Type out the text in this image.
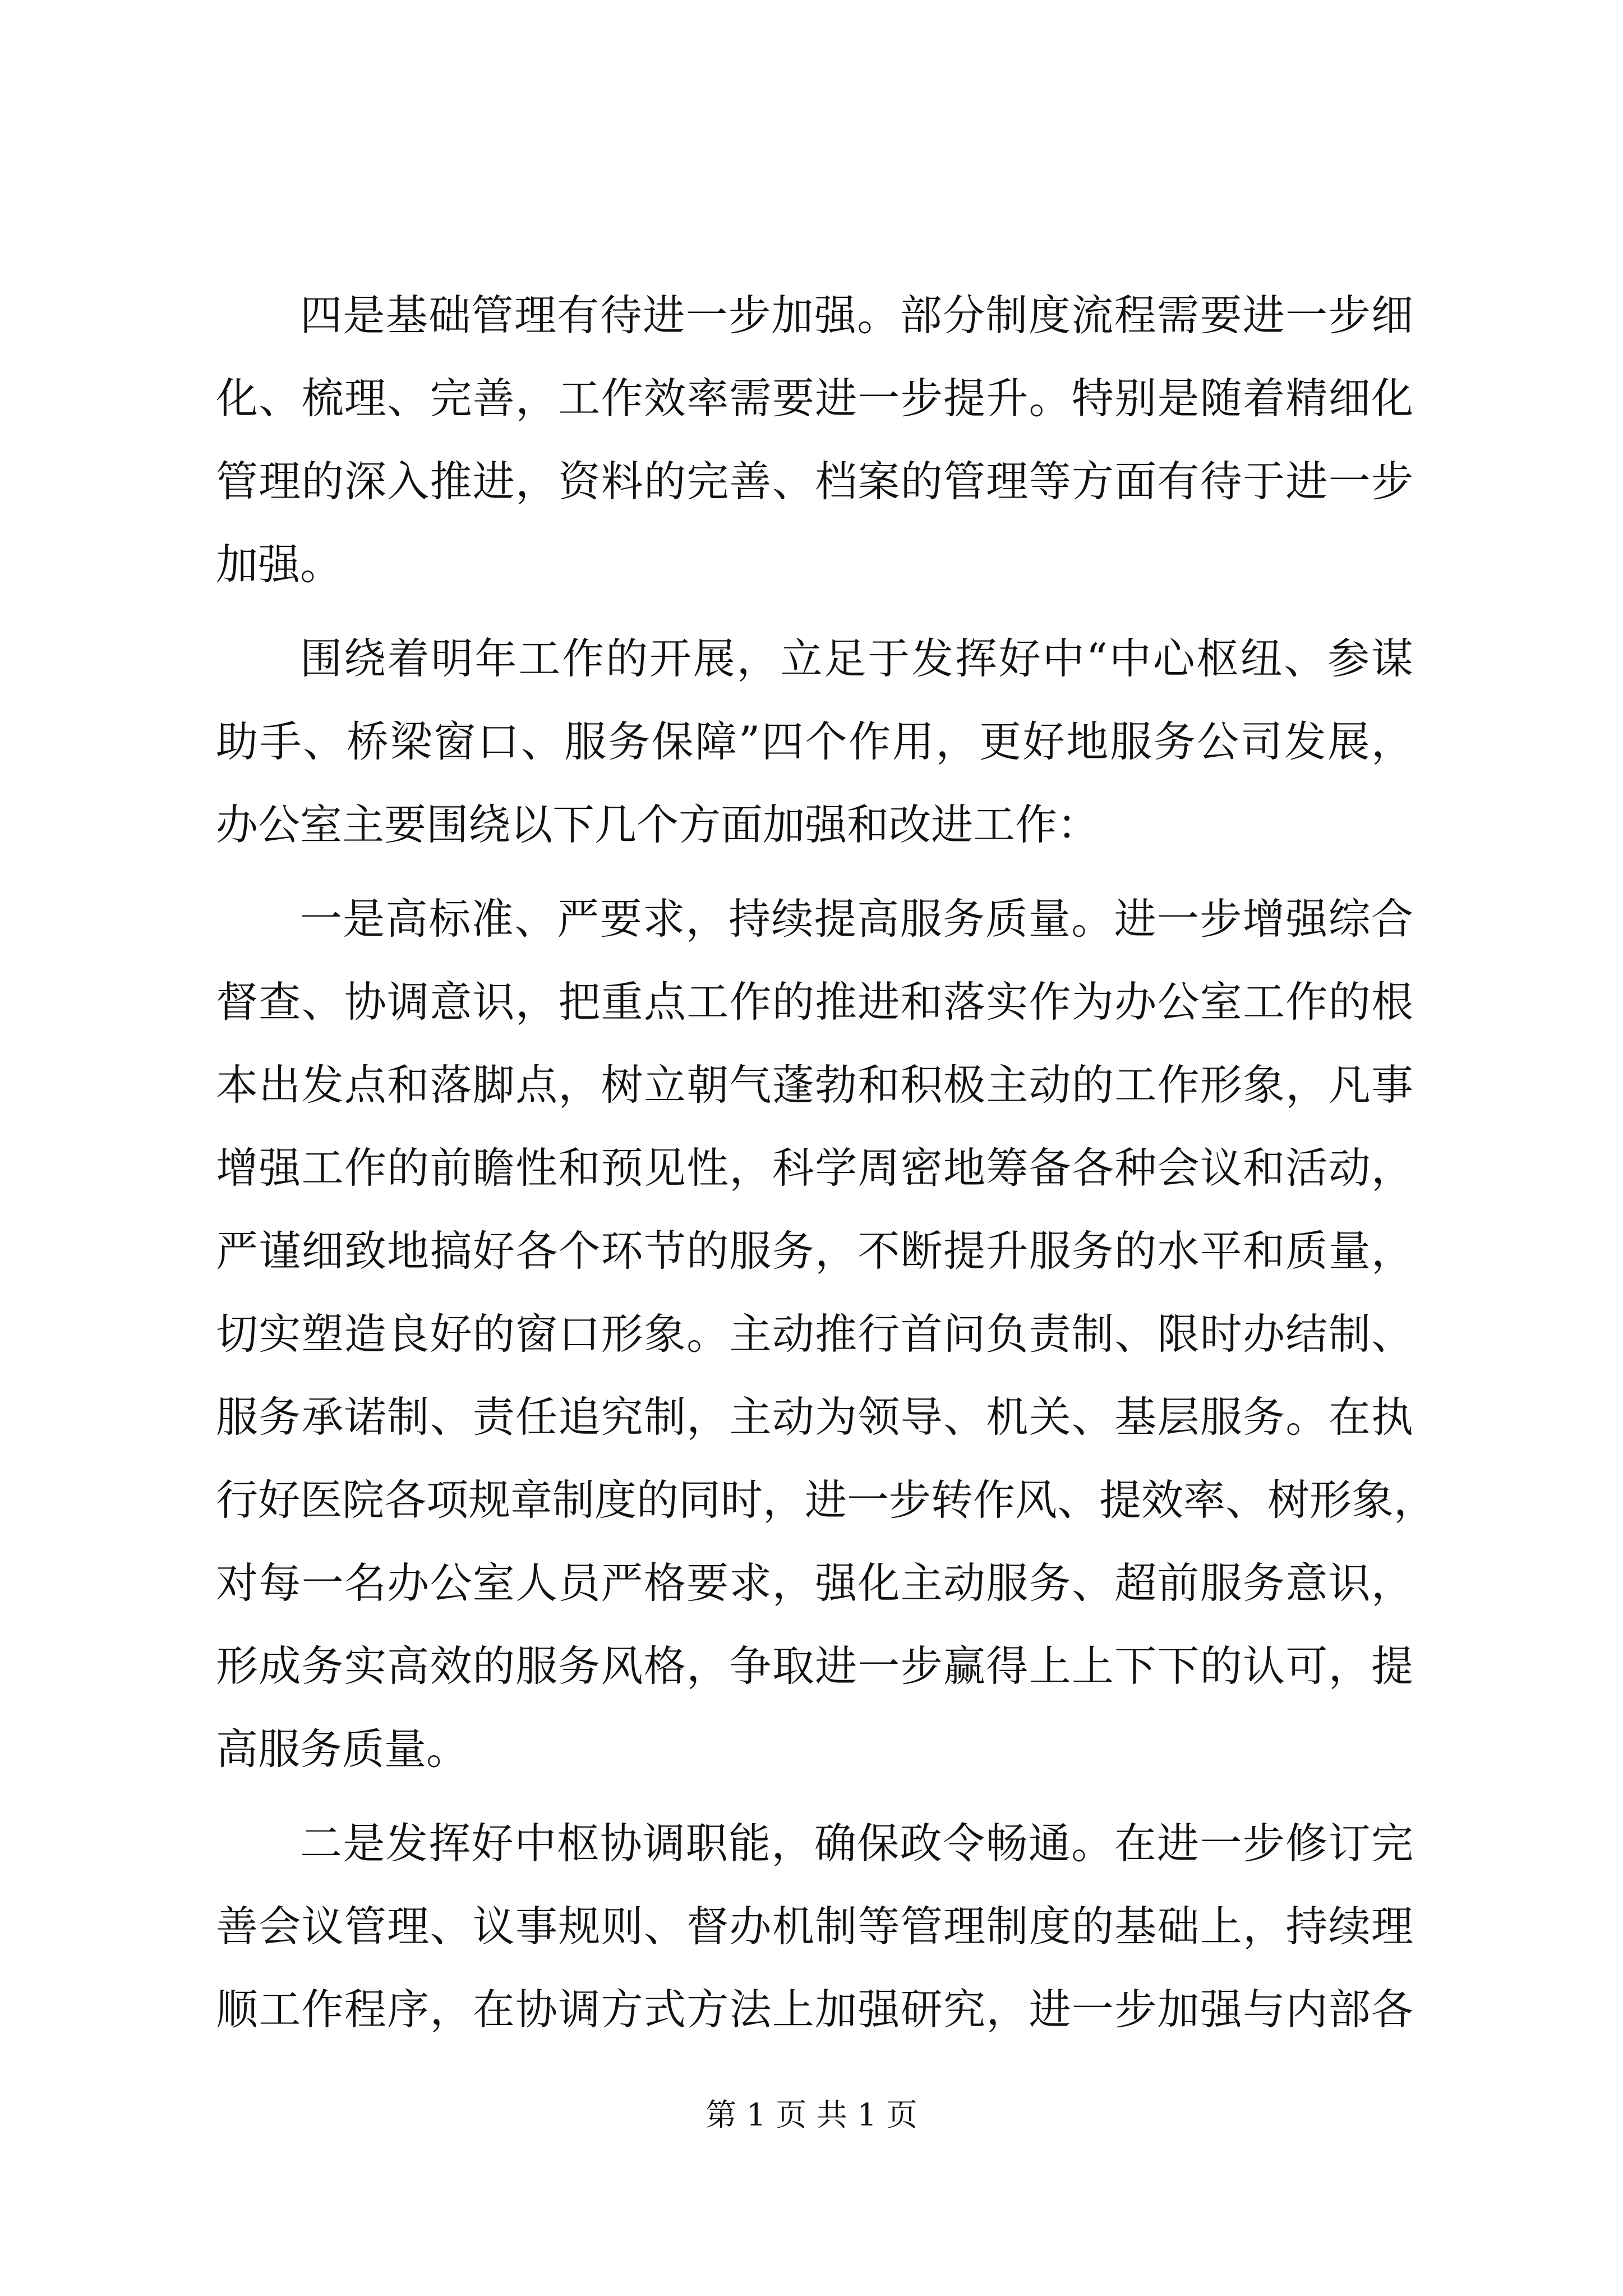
四是基础管理有待进一步加强。部分制度流程需要进一步细
化、梳理、完善，工作效率需要进一步提升。特别是随着精细化
管理的深入推进，资料的完善、档案的管理等方面有待于进一步
加强。
围绕着明年工作的开展，立足于发挥好中“中心枢纽、参谋
助手、桥梁窗口、服务保障”四个作用，更好地服务公司发展，
办公室主要围绕以下几个方面加强和改进工作：
一是高标准、严要求，持续提高服务质量。进一步增强综合
督查、协调意识，把重点工作的推进和落实作为办公室工作的根
本出发点和落脚点，树立朝气蓬勃和积极主动的工作形象，凡事
增强工作的前瞻性和预见性，科学周密地筹备各种会议和活动，
严谨细致地搞好各个环节的服务，不断提升服务的水平和质量，
切实塑造良好的窗口形象。主动推行首问负责制、限时办结制、
服务承诺制、责任追究制，主动为领导、机关、基层服务。在执
行好医院各项规章制度的同时，进一步转作风、提效率、树形象，
对每一名办公室人员严格要求，强化主动服务、超前服务意识，
形成务实高效的服务风格，争取进一步赢得上上下下的认可，提
高服务质量。
二是发挥好中枢协调职能，确保政令畅通。在进一步修订完
善会议管理、议事规则、督办机制等管理制度的基础上，持续理
顺工作程序，在协调方式方法上加强研究，进一步加强与内部各
第 1 页 共 1 页
